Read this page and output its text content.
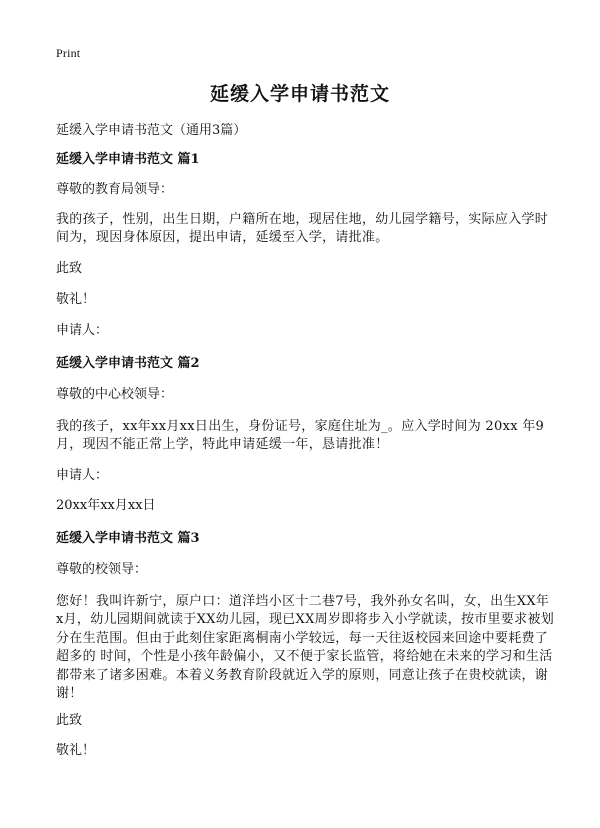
Print
延缓入学申请书范文
延缓入学申请书范文（通用3篇）
延缓入学申请书范文 篇1
尊敬的教育局领导：
我的孩子，性别，出生日期，户籍所在地，现居住地，幼儿园学籍号，实际应入学时间为，现因身体原因，提出申请，延缓至入学，请批准。
此致
敬礼！
申请人：
延缓入学申请书范文 篇2
尊敬的中心校领导：
我的孩子，xx年xx月xx日出生，身份证号，家庭住址为_。应入学时间为 20xx 年9月，现因不能正常上学，特此申请延缓一年，恳请批准！
申请人：
20xx年xx月xx日
延缓入学申请书范文 篇3
尊敬的校领导：
您好！我叫许新宁，原户口：道洋垱小区十二巷7号，我外孙女名叫，女，出生XX年x月，幼儿园期间就读于XX幼儿园，现已XX周岁即将步入小学就读，按市里要求被划分在生范围。但由于此刻住家距离桐南小学较远，每一天往返校园来回途中要耗费了超多的 时间，个性是小孩年龄偏小，又不便于家长监管，将给她在未来的学习和生活都带来了诸多困难。本着义务教育阶段就近入学的原则，同意让孩子在贵校就读，谢谢！
此致
敬礼！
